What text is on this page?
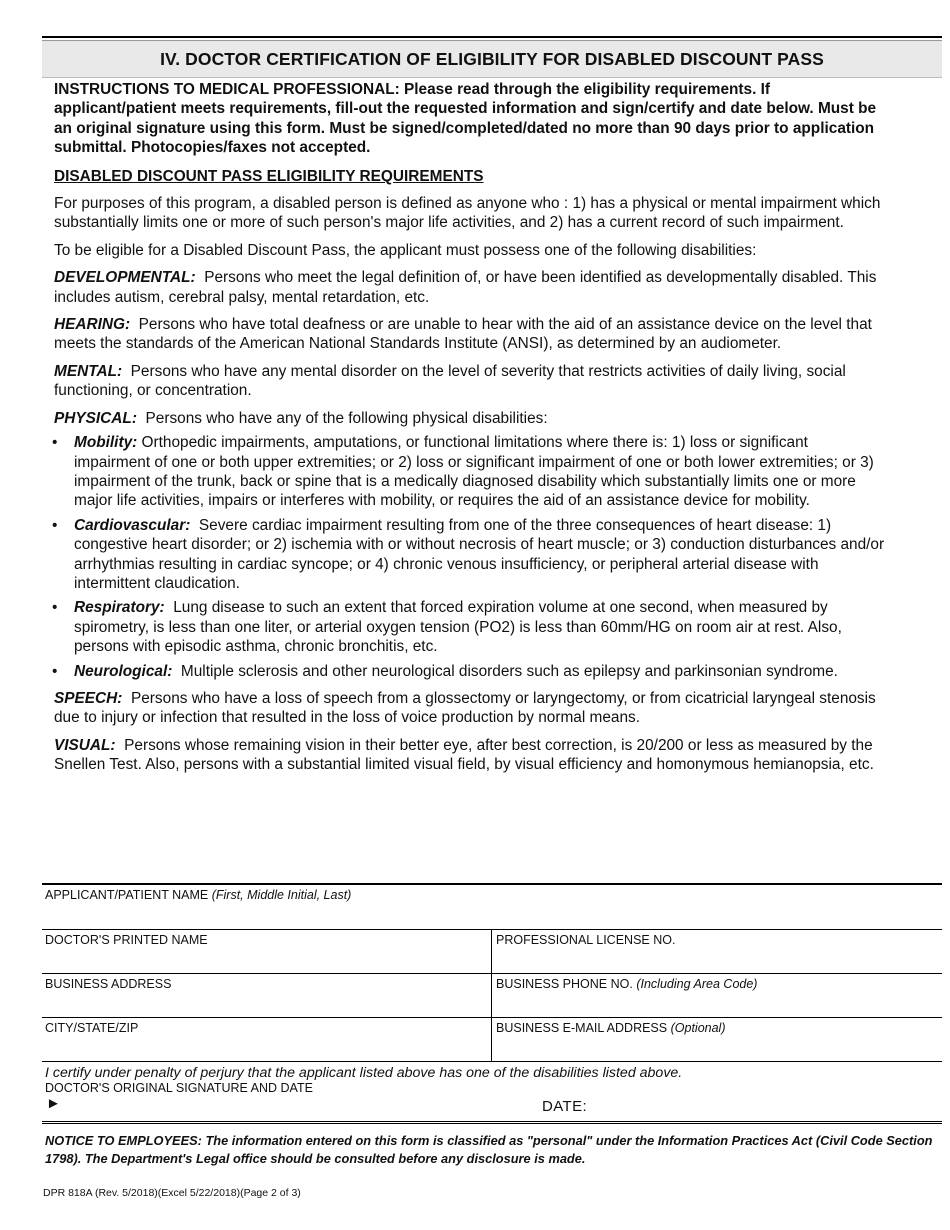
IV. DOCTOR CERTIFICATION OF ELIGIBILITY FOR DISABLED DISCOUNT PASS

INSTRUCTIONS TO MEDICAL PROFESSIONAL: Please read through the eligibility requirements. If applicant/patient meets requirements, fill-out the requested information and sign/certify and date below. Must be an original signature using this form. Must be signed/completed/dated no more than 90 days prior to application submittal. Photocopies/faxes not accepted.

DISABLED DISCOUNT PASS ELIGIBILITY REQUIREMENTS

For purposes of this program, a disabled person is defined as anyone who : 1) has a physical or mental impairment which substantially limits one or more of such person's major life activities, and 2) has a current record of such impairment.

To be eligible for a Disabled Discount Pass, the applicant must possess one of the following disabilities:

DEVELOPMENTAL: Persons who meet the legal definition of, or have been identified as developmentally disabled. This includes autism, cerebral palsy, mental retardation, etc.

HEARING: Persons who have total deafness or are unable to hear with the aid of an assistance device on the level that meets the standards of the American National Standards Institute (ANSI), as determined by an audiometer.

MENTAL: Persons who have any mental disorder on the level of severity that restricts activities of daily living, social functioning, or concentration.

PHYSICAL: Persons who have any of the following physical disabilities:

• Mobility: Orthopedic impairments, amputations, or functional limitations where there is: 1) loss or significant impairment of one or both upper extremities; or 2) loss or significant impairment of one or both lower extremities; or 3) impairment of the trunk, back or spine that is a medically diagnosed disability which substantially limits one or more major life activities, impairs or interferes with mobility, or requires the aid of an assistance device for mobility.
• Cardiovascular: Severe cardiac impairment resulting from one of the three consequences of heart disease: 1) congestive heart disorder; or 2) ischemia with or without necrosis of heart muscle; or 3) conduction disturbances and/or arrhythmias resulting in cardiac syncope; or 4) chronic venous insufficiency, or peripheral arterial disease with intermittent claudication.
• Respiratory: Lung disease to such an extent that forced expiration volume at one second, when measured by spirometry, is less than one liter, or arterial oxygen tension (PO2) is less than 60mm/HG on room air at rest. Also, persons with episodic asthma, chronic bronchitis, etc.
• Neurological: Multiple sclerosis and other neurological disorders such as epilepsy and parkinsonian syndrome.

SPEECH: Persons who have a loss of speech from a glossectomy or laryngectomy, or from cicatricial laryngeal stenosis due to injury or infection that resulted in the loss of voice production by normal means.

VISUAL: Persons whose remaining vision in their better eye, after best correction, is 20/200 or less as measured by the Snellen Test. Also, persons with a substantial limited visual field, by visual efficiency and homonymous hemianopsia, etc.

APPLICANT/PATIENT NAME (First, Middle Initial, Last)
DOCTOR'S PRINTED NAME	PROFESSIONAL LICENSE NO.
BUSINESS ADDRESS	BUSINESS PHONE NO. (Including Area Code)
CITY/STATE/ZIP	BUSINESS E-MAIL ADDRESS (Optional)
I certify under penalty of perjury that the applicant listed above has one of the disabilities listed above.
DOCTOR'S ORIGINAL SIGNATURE AND DATE
►	DATE:
NOTICE TO EMPLOYEES: The information entered on this form is classified as "personal" under the Information Practices Act (Civil Code Section 1798). The Department's Legal office should be consulted before any disclosure is made.
DPR 818A (Rev. 5/2018)(Excel 5/22/2018)(Page 2 of 3)
